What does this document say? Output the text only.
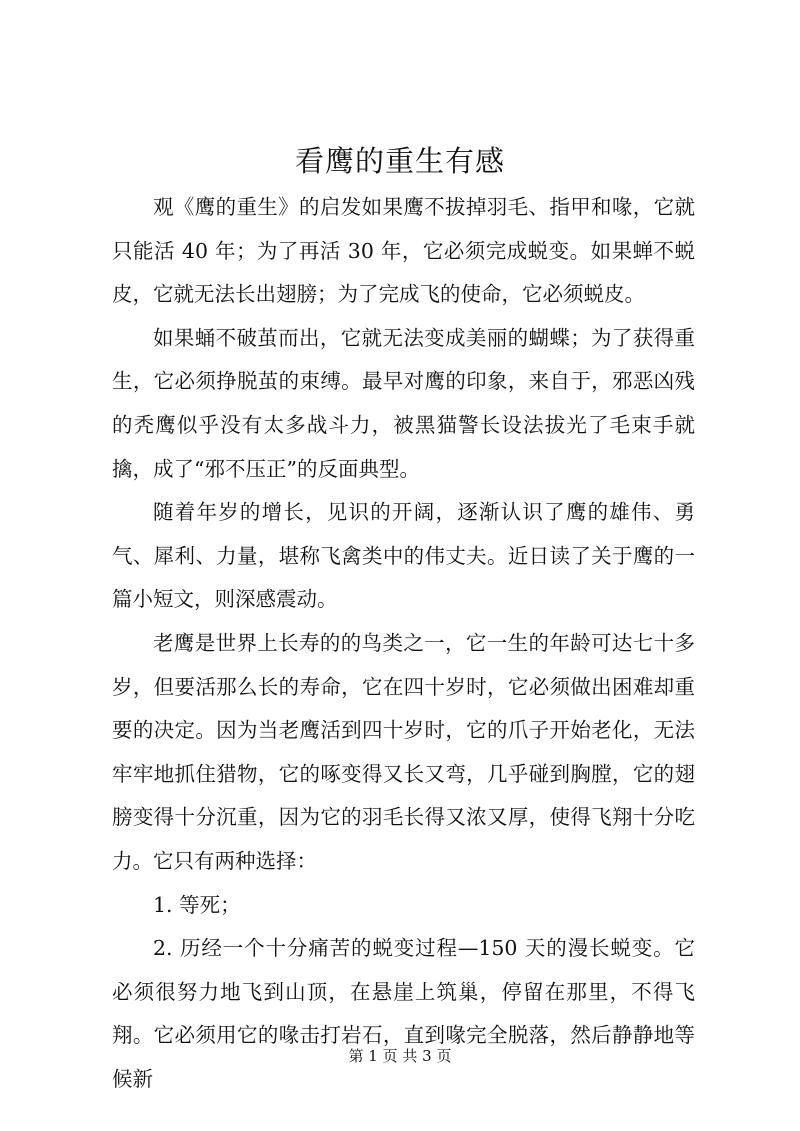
看鹰的重生有感

观《鹰的重生》的启发如果鹰不拔掉羽毛、指甲和喙，它就只能活 40 年；为了再活 30 年，它必须完成蜕变。如果蝉不蜕皮，它就无法长出翅膀；为了完成飞的使命，它必须蜕皮。

如果蛹不破茧而出，它就无法变成美丽的蝴蝶；为了获得重生，它必须挣脱茧的束缚。最早对鹰的印象，来自于，邪恶凶残的秃鹰似乎没有太多战斗力，被黑猫警长设法拔光了毛束手就擒，成了“邪不压正”的反面典型。

随着年岁的增长，见识的开阔，逐渐认识了鹰的雄伟、勇气、犀利、力量，堪称飞禽类中的伟丈夫。近日读了关于鹰的一篇小短文，则深感震动。

老鹰是世界上长寿的的鸟类之一，它一生的年龄可达七十多岁，但要活那么长的寿命，它在四十岁时，它必须做出困难却重要的决定。因为当老鹰活到四十岁时，它的爪子开始老化，无法牢牢地抓住猎物，它的啄变得又长又弯，几乎碰到胸膛，它的翅膀变得十分沉重，因为它的羽毛长得又浓又厚，使得飞翔十分吃力。它只有两种选择：

1. 等死；

2. 历经一个十分痛苦的蜕变过程—150 天的漫长蜕变。它必须很努力地飞到山顶，在悬崖上筑巢，停留在那里，不得飞翔。它必须用它的喙击打岩石，直到喙完全脱落，然后静静地等候新

第 1 页 共 3 页
